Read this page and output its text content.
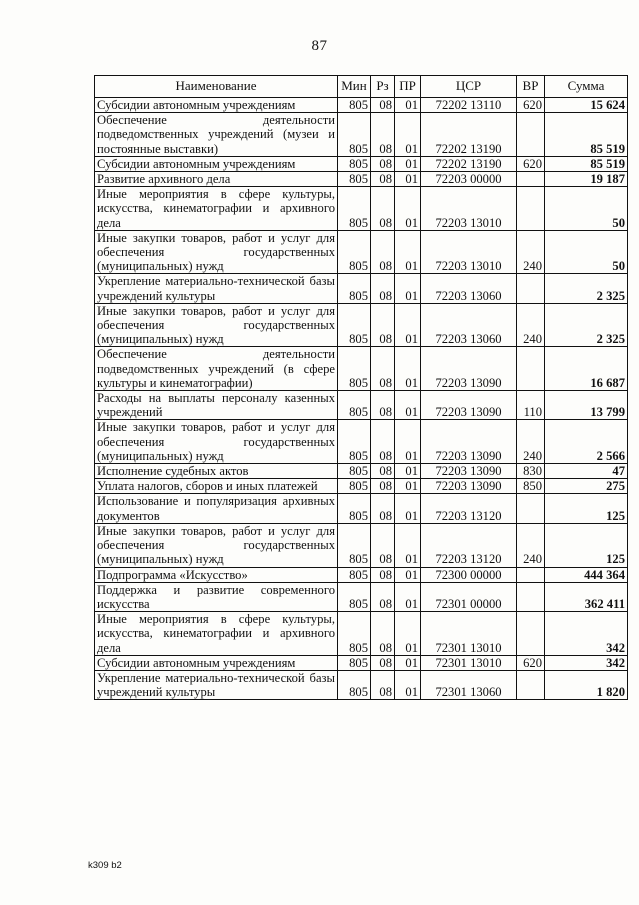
87
Наименование	Мин	Рз	ПР	ЦСР	ВР	Сумма
Субсидии автономным учреждениям	805	08	01	72202 13110	620	15 624
Обеспечение деятельности подведомственных учреждений (музеи и постоянные выставки)	805	08	01	72202 13190		85 519
Субсидии автономным учреждениям	805	08	01	72202 13190	620	85 519
Развитие архивного дела	805	08	01	72203 00000		19 187
Иные мероприятия в сфере культуры, искусства, кинематографии и архивного дела	805	08	01	72203 13010		50
Иные закупки товаров, работ и услуг для обеспечения государственных (муниципальных) нужд	805	08	01	72203 13010	240	50
Укрепление материально-технической базы учреждений культуры	805	08	01	72203 13060		2 325
Иные закупки товаров, работ и услуг для обеспечения государственных (муниципальных) нужд	805	08	01	72203 13060	240	2 325
Обеспечение деятельности подведомственных учреждений (в сфере культуры и кинематографии)	805	08	01	72203 13090		16 687
Расходы на выплаты персоналу казенных учреждений	805	08	01	72203 13090	110	13 799
Иные закупки товаров, работ и услуг для обеспечения государственных (муниципальных) нужд	805	08	01	72203 13090	240	2 566
Исполнение судебных актов	805	08	01	72203 13090	830	47
Уплата налогов, сборов и иных платежей	805	08	01	72203 13090	850	275
Использование и популяризация архивных документов	805	08	01	72203 13120		125
Иные закупки товаров, работ и услуг для обеспечения государственных (муниципальных) нужд	805	08	01	72203 13120	240	125
Подпрограмма «Искусство»	805	08	01	72300 00000		444 364
Поддержка и развитие современного искусства	805	08	01	72301 00000		362 411
Иные мероприятия в сфере культуры, искусства, кинематографии и архивного дела	805	08	01	72301 13010		342
Субсидии автономным учреждениям	805	08	01	72301 13010	620	342
Укрепление материально-технической базы учреждений культуры	805	08	01	72301 13060		1 820
k309 b2
